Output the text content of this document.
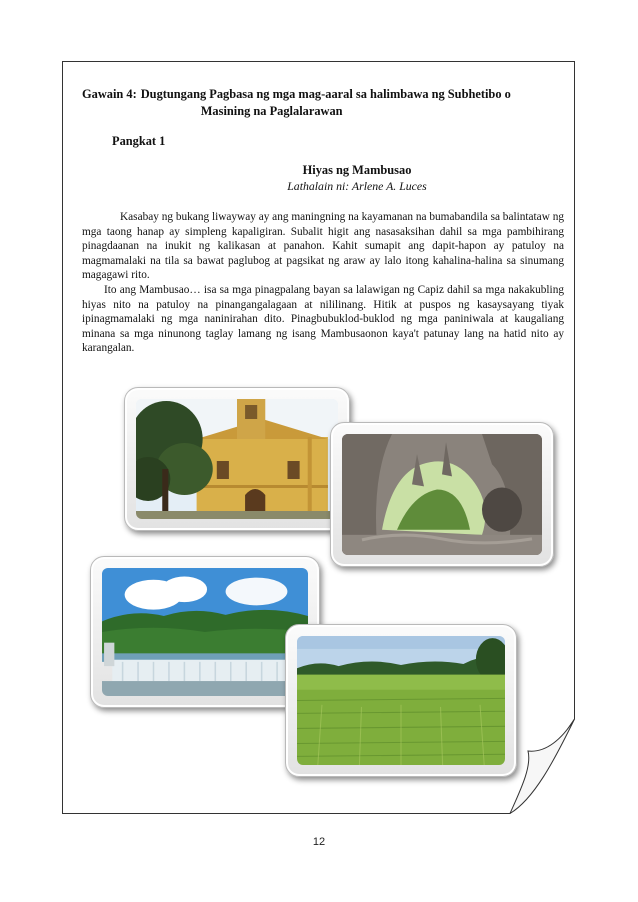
Gawain 4: Dugtungang Pagbasa ng mga mag-aaral sa halimbawa ng Subhetibo o
Masining na Paglalarawan
Pangkat 1
Hiyas ng Mambusao
Lathalain ni: Arlene A. Luces

Kasabay ng bukang liwayway ay ang maningning na kayamanan na bumabandila sa balintataw ng mga taong hanap ay simpleng kapaligiran. Subalit higit ang nasasaksihan dahil sa mga pambihirang pinagdaanan na inukit ng kalikasan at panahon. Kahit sumapit ang dapit-hapon ay patuloy na magmamalaki na tila sa bawat paglubog at pagsikat ng araw ay lalo itong kahalina-halina sa sinumang magagawi rito.

Ito ang Mambusao… isa sa mga pinagpalang bayan sa lalawigan ng Capiz dahil sa mga nakakubling hiyas nito na patuloy na pinangangalagaan at nililinang. Hitik at puspos ng kasaysayang tiyak ipinagmamalaki ng mga naninirahan dito. Pinagbubuklod-buklod ng mga paniniwala at kaugaliang minana sa mga ninunong taglay lamang ng isang Mambusaonon kaya't patunay lang na hatid nito ay karangalan.

12
